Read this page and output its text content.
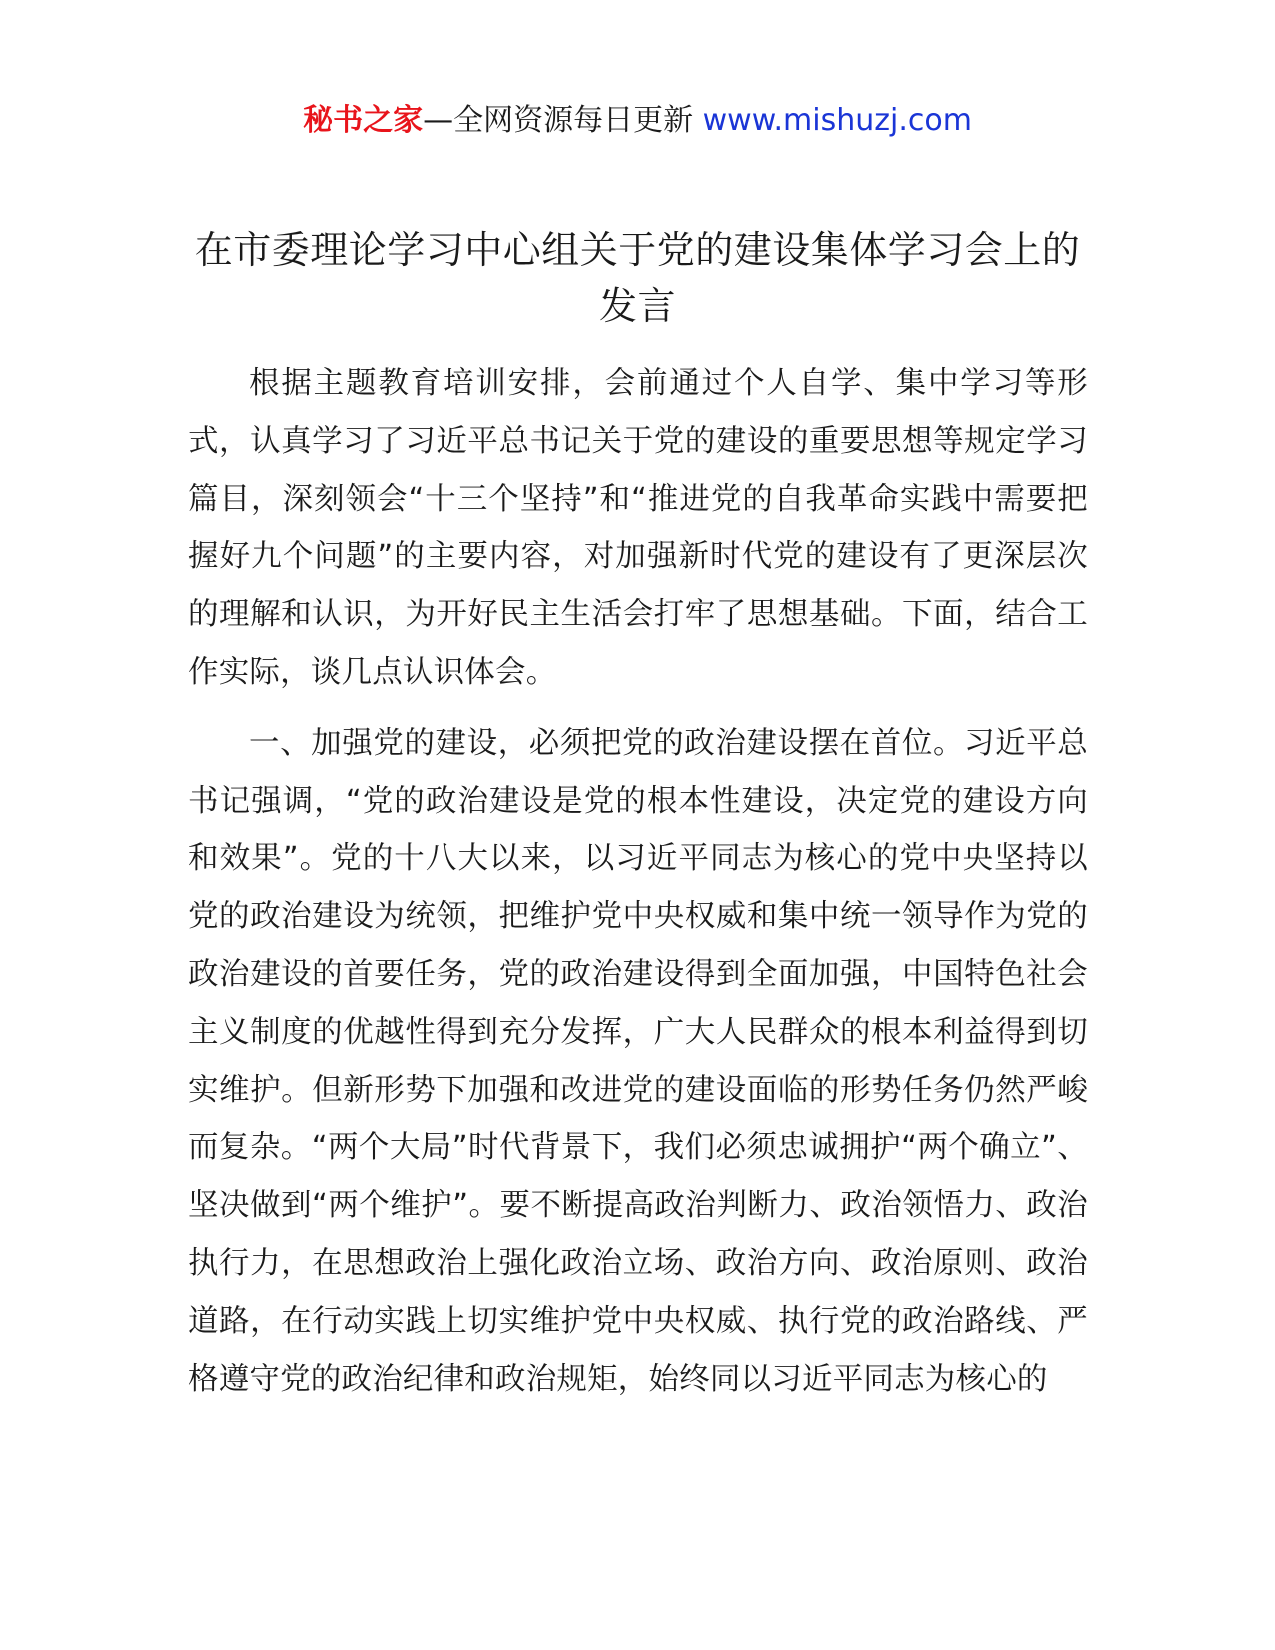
秘书之家—全网资源每日更新 www.mishuzj.com
在市委理论学习中心组关于党的建设集体学习会上的发言

根据主题教育培训安排，会前通过个人自学、集中学习等形式，认真学习了习近平总书记关于党的建设的重要思想等规定学习篇目，深刻领会“十三个坚持”和“推进党的自我革命实践中需要把握好九个问题”的主要内容，对加强新时代党的建设有了更深层次的理解和认识，为开好民主生活会打牢了思想基础。下面，结合工作实际，谈几点认识体会。

一、加强党的建设，必须把党的政治建设摆在首位。习近平总书记强调，“党的政治建设是党的根本性建设，决定党的建设方向和效果”。党的十八大以来，以习近平同志为核心的党中央坚持以党的政治建设为统领，把维护党中央权威和集中统一领导作为党的政治建设的首要任务，党的政治建设得到全面加强，中国特色社会主义制度的优越性得到充分发挥，广大人民群众的根本利益得到切实维护。但新形势下加强和改进党的建设面临的形势任务仍然严峻而复杂。“两个大局”时代背景下，我们必须忠诚拥护“两个确立”、坚决做到“两个维护”。要不断提高政治判断力、政治领悟力、政治执行力，在思想政治上强化政治立场、政治方向、政治原则、政治道路，在行动实践上切实维护党中央权威、执行党的政治路线、严格遵守党的政治纪律和政治规矩，始终同以习近平同志为核心的
